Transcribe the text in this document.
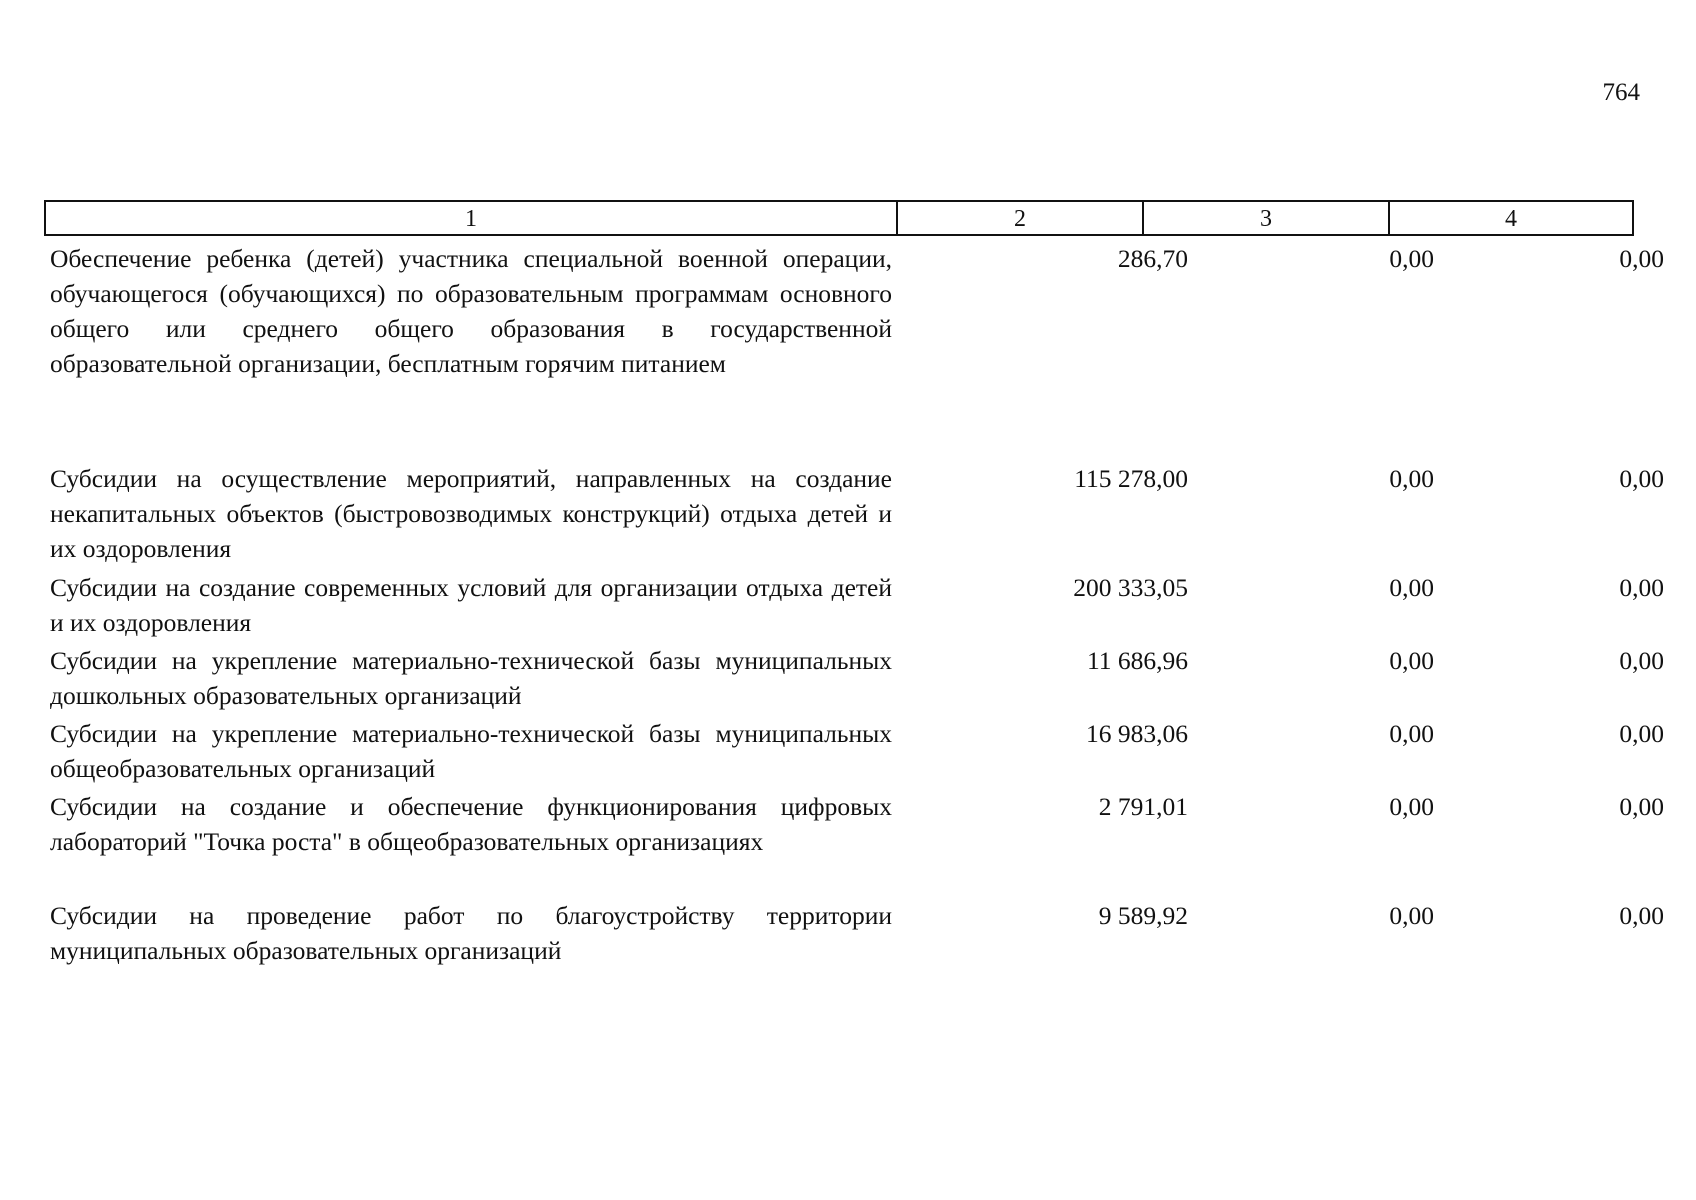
764
1	2	3	4
Обеспечение ребенка (детей) участника специальной военной операции, обучающегося (обучающихся) по образовательным программам основного общего или среднего общего образования в государственной образовательной организации, бесплатным горячим питанием
286,70	0,00	0,00
Субсидии на осуществление мероприятий, направленных на создание некапитальных объектов (быстровозводимых конструкций) отдыха детей и их оздоровления
115 278,00	0,00	0,00
Субсидии на создание современных условий для организации отдыха детей и их оздоровления
200 333,05	0,00	0,00
Субсидии на укрепление материально-технической базы муниципальных дошкольных образовательных организаций
11 686,96	0,00	0,00
Субсидии на укрепление материально-технической базы муниципальных общеобразовательных организаций
16 983,06	0,00	0,00
Субсидии на создание и обеспечение функционирования цифровых лабораторий "Точка роста" в общеобразовательных организациях
2 791,01	0,00	0,00
Субсидии на проведение работ по благоустройству территории муниципальных образовательных организаций
9 589,92	0,00	0,00
